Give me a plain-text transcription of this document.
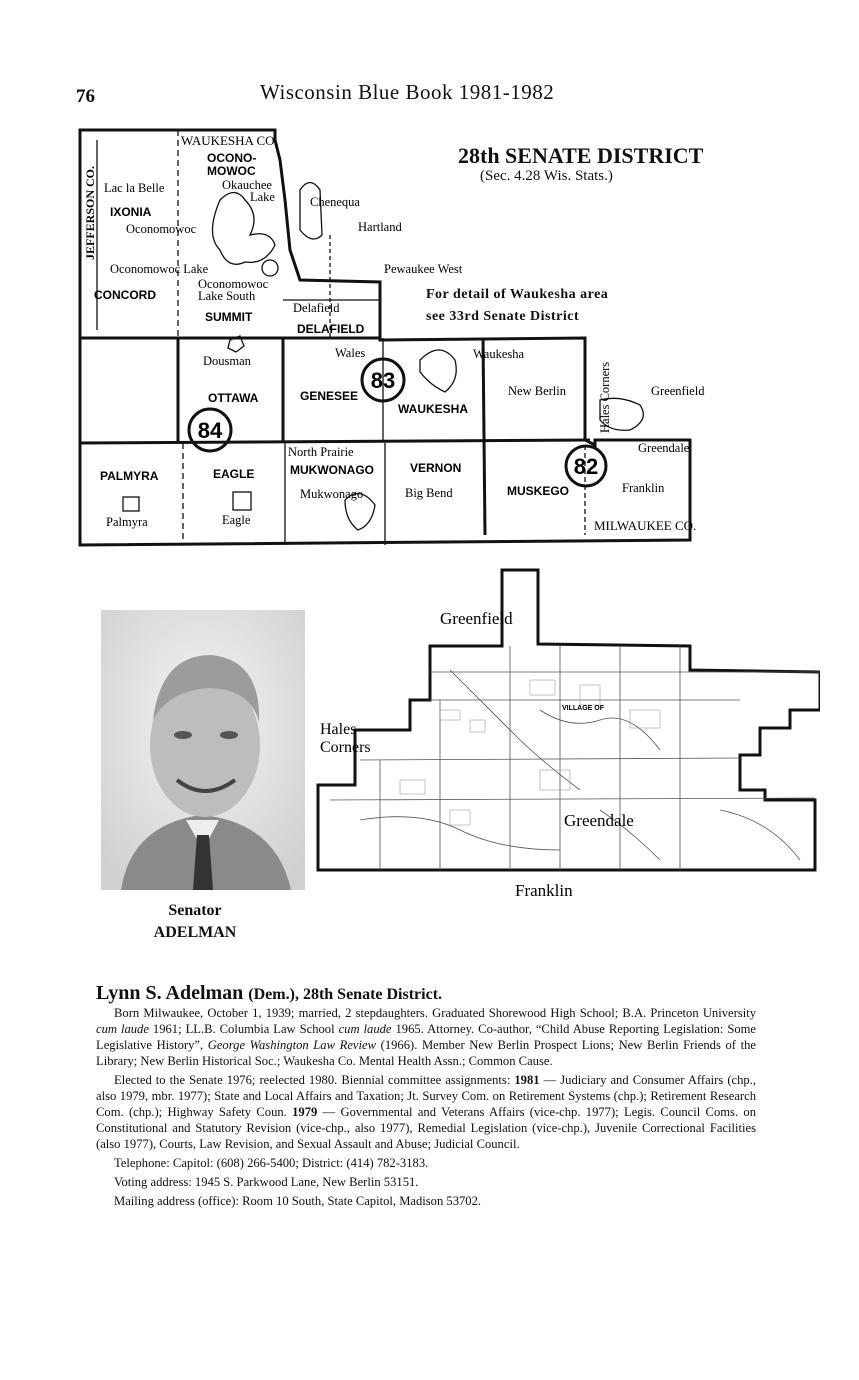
76	Wisconsin Blue Book 1981-1982
28th SENATE DISTRICT
(Sec. 4.28 Wis. Stats.)
For detail of Waukesha area
see 33rd Senate District
83
84
82
JEFFERSON CO.
WAUKESHA CO.
MILWAUKEE CO.
OCONO-
MOWOC
IXONIA
CONCORD
SUMMIT
DELAFIELD
OTTAWA	GENESEE
WAUKESHA
PALMYRA	EAGLE	MUKWONAGO	VERNON
MUSKEGO
Lac la Belle	Okauchee
Lake
Oconomowoc
Oconomowoc Lake
Oconomowoc
Lake South
Chenequa
Hartland
Pewaukee West
Delafield
Dousman
Wales	Waukesha
New Berlin	Hales Corners	Greenfield
Greendale
North Prairie
Mukwonago	Big Bend	Franklin
Palmyra	Eagle
Senator
ADELMAN
Greenfield
Hales
Corners
Greendale
Franklin
VILLAGE OF
Lynn S. Adelman (Dem.), 28th Senate District.

Born Milwaukee, October 1, 1939; married, 2 stepdaughters. Graduated Shorewood High School; B.A. Princeton University cum laude 1961; LL.B. Columbia Law School cum laude 1965. Attorney. Co-author, “Child Abuse Reporting Legislation: Some Legislative History”, George Washington Law Review (1966). Member New Berlin Prospect Lions; New Berlin Friends of the Library; New Berlin Historical Soc.; Waukesha Co. Mental Health Assn.; Common Cause.

Elected to the Senate 1976; reelected 1980. Biennial committee assignments: 1981 — Judiciary and Consumer Affairs (chp., also 1979, mbr. 1977); State and Local Affairs and Taxation; Jt. Survey Com. on Retirement Systems (chp.); Retirement Research Com. (chp.); Highway Safety Coun. 1979 — Governmental and Veterans Affairs (vice-chp. 1977); Legis. Council Coms. on Constitutional and Statutory Revision (vice-chp., also 1977), Remedial Legislation (vice-chp.), Juvenile Correctional Facilities (also 1977), Courts, Law Revision, and Sexual Assault and Abuse; Judicial Council.

Telephone: Capitol: (608) 266-5400; District: (414) 782-3183.

Voting address: 1945 S. Parkwood Lane, New Berlin 53151.

Mailing address (office): Room 10 South, State Capitol, Madison 53702.
